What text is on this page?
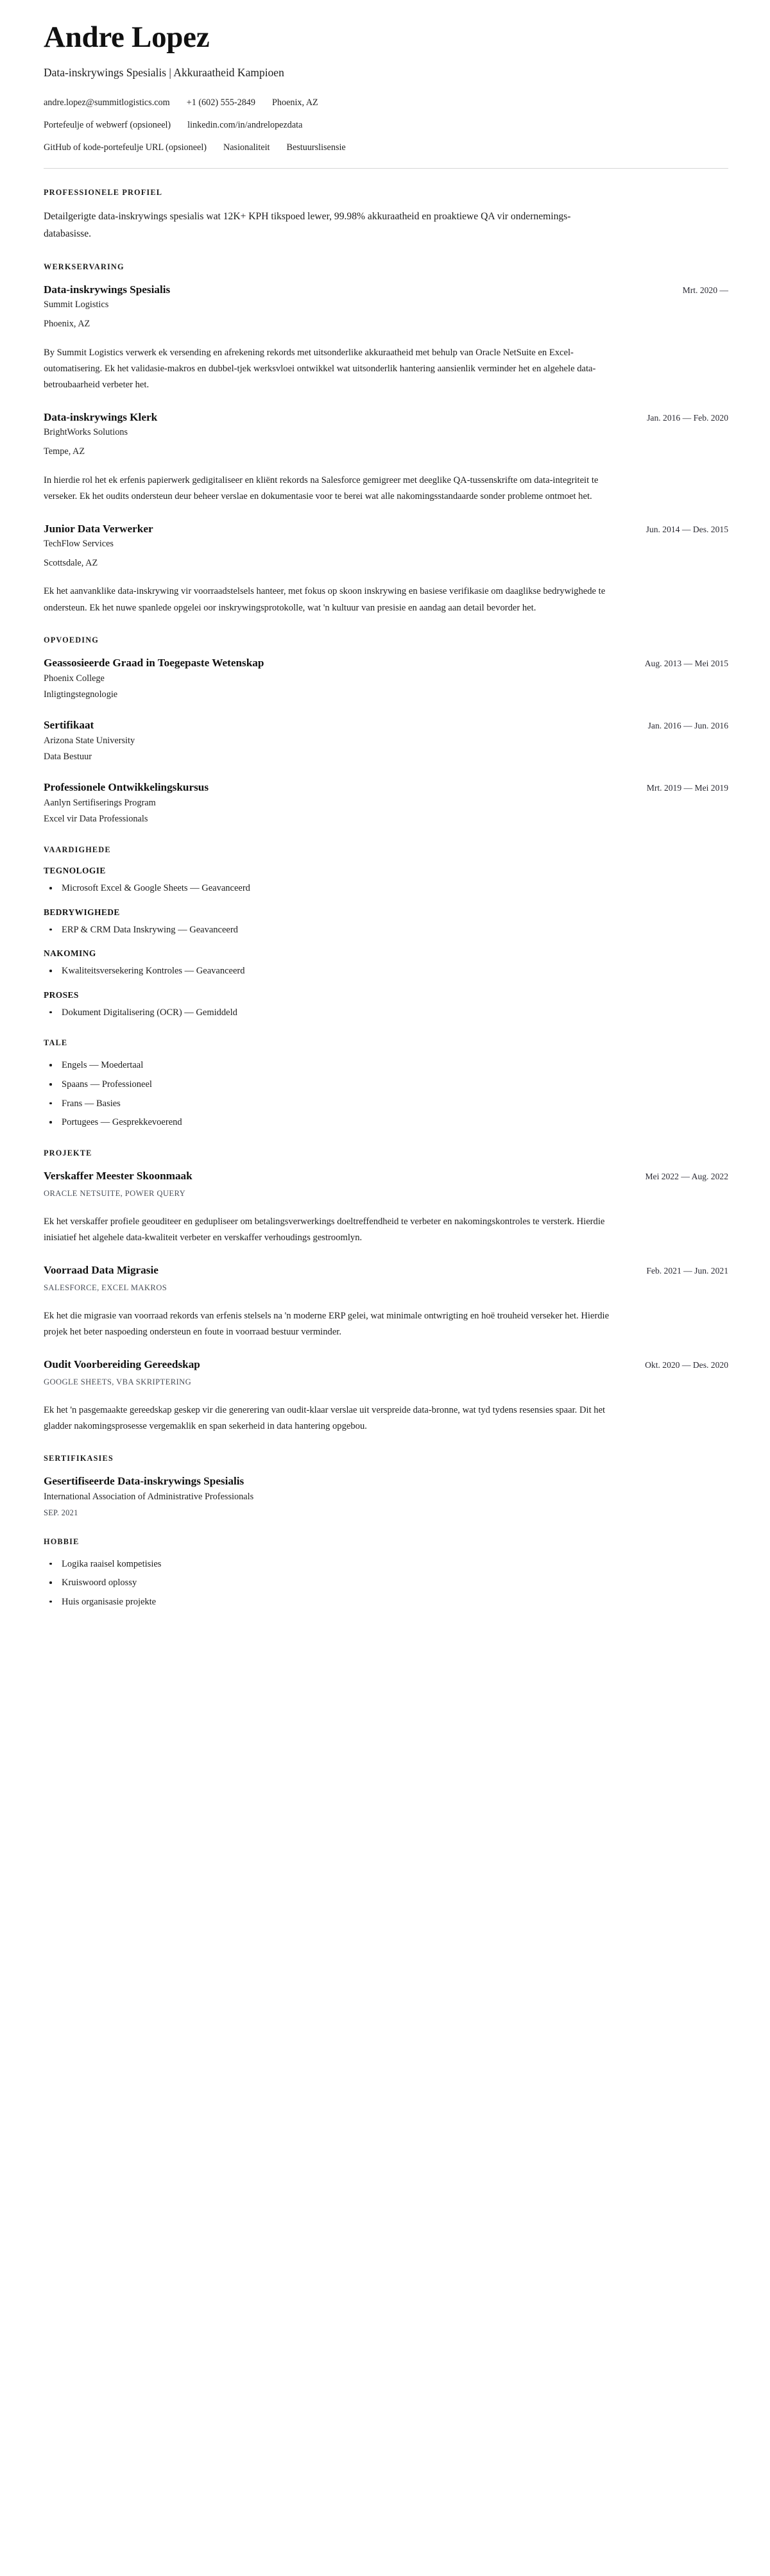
Andre Lopez
Data-inskrywings Spesialis | Akkuraatheid Kampioen
andre.lopez@summitlogistics.com +1 (602) 555-2849 Phoenix, AZ
Portefeulje of webwerf (opsioneel) linkedin.com/in/andrelopezdata
GitHub of kode-portefeulje URL (opsioneel) Nasionaliteit Bestuurslisensie
PROFESSIONELE PROFIEL

Detailgerigte data-inskrywings spesialis wat 12K+ KPH tikspoed lewer, 99.98% akkuraatheid en proaktiewe QA vir ondernemings-databasisse.

WERKSERVARING
Data-inskrywings Spesialis	Mrt. 2020 —
Summit Logistics
Phoenix, AZ

By Summit Logistics verwerk ek versending en afrekening rekords met uitsonderlike akkuraatheid met behulp van Oracle NetSuite en Excel-outomatisering. Ek het validasie-makros en dubbel-tjek werksvloei ontwikkel wat uitsonderlik hantering aansienlik verminder het en algehele data-betroubaarheid verbeter het.

Data-inskrywings Klerk	Jan. 2016 — Feb. 2020
BrightWorks Solutions
Tempe, AZ

In hierdie rol het ek erfenis papierwerk gedigitaliseer en kliënt rekords na Salesforce gemigreer met deeglike QA-tussenskrifte om data-integriteit te verseker. Ek het oudits ondersteun deur beheer verslae en dokumentasie voor te berei wat alle nakomingsstandaarde sonder probleme ontmoet het.

Junior Data Verwerker	Jun. 2014 — Des. 2015
TechFlow Services
Scottsdale, AZ

Ek het aanvanklike data-inskrywing vir voorraadstelsels hanteer, met fokus op skoon inskrywing en basiese verifikasie om daaglikse bedrywighede te ondersteun. Ek het nuwe spanlede opgelei oor inskrywingsprotokolle, wat 'n kultuur van presisie en aandag aan detail bevorder het.

OPVOEDING
Geassosieerde Graad in Toegepaste Wetenskap	Aug. 2013 — Mei 2015
Phoenix College
Inligtingstegnologie
Sertifikaat	Jan. 2016 — Jun. 2016
Arizona State University
Data Bestuur
Professionele Ontwikkelingskursus	Mrt. 2019 — Mei 2019
Aanlyn Sertifiserings Program
Excel vir Data Professionals
VAARDIGHEDE
TEGNOLOGIE
Microsoft Excel & Google Sheets — Geavanceerd
BEDRYWIGHEDE
ERP & CRM Data Inskrywing — Geavanceerd
NAKOMING
Kwaliteitsversekering Kontroles — Geavanceerd
PROSES
Dokument Digitalisering (OCR) — Gemiddeld
TALE
Engels — Moedertaal
Spaans — Professioneel
Frans — Basies
Portugees — Gesprekkevoerend
PROJEKTE
Verskaffer Meester Skoonmaak	Mei 2022 — Aug. 2022
ORACLE NETSUITE, POWER QUERY

Ek het verskaffer profiele geouditeer en gedupliseer om betalingsverwerkings doeltreffendheid te verbeter en nakomingskontroles te versterk. Hierdie inisiatief het algehele data-kwaliteit verbeter en verskaffer verhoudings gestroomlyn.

Voorraad Data Migrasie	Feb. 2021 — Jun. 2021
SALESFORCE, EXCEL MAKROS

Ek het die migrasie van voorraad rekords van erfenis stelsels na 'n moderne ERP gelei, wat minimale ontwrigting en hoë trouheid verseker het. Hierdie projek het beter naspoeding ondersteun en foute in voorraad bestuur verminder.

Oudit Voorbereiding Gereedskap	Okt. 2020 — Des. 2020
GOOGLE SHEETS, VBA SKRIPTERING

Ek het 'n pasgemaakte gereedskap geskep vir die generering van oudit-klaar verslae uit verspreide data-bronne, wat tyd tydens resensies spaar. Dit het gladder nakomingsprosesse vergemaklik en span sekerheid in data hantering opgebou.

SERTIFIKASIES
Gesertifiseerde Data-inskrywings Spesialis
International Association of Administrative Professionals
SEP. 2021
HOBBIE
Logika raaisel kompetisies
Kruiswoord oplossy
Huis organisasie projekte
